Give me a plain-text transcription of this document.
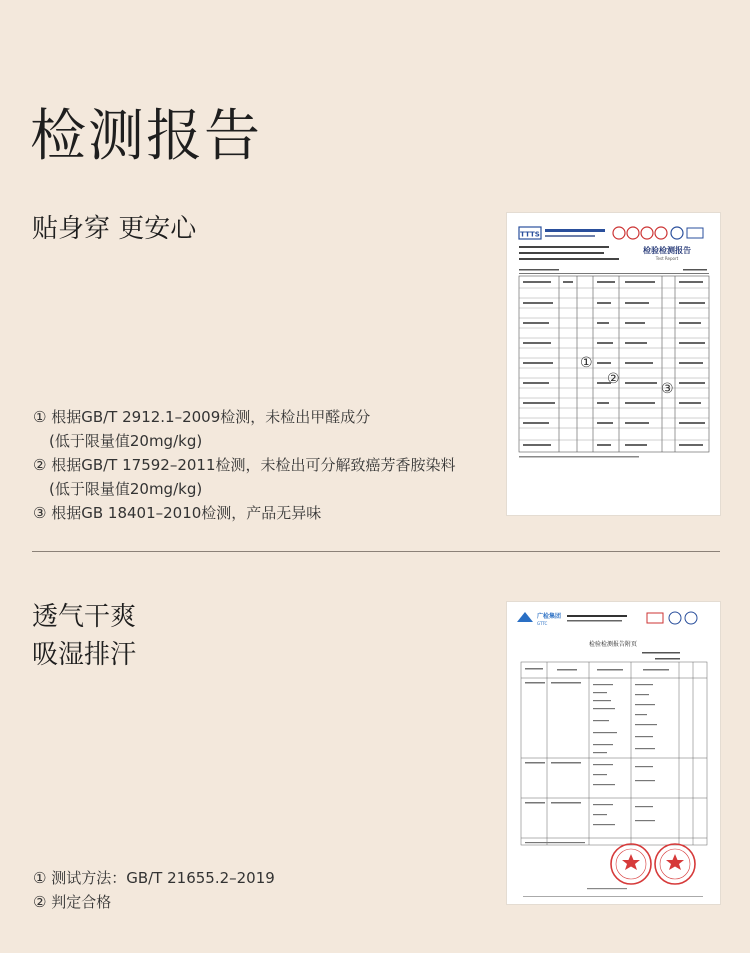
检测报告
贴身穿 更安心
① 根据GB/T 2912.1–2009检测，未检出甲醛成分
(低于限量值20mg/kg)
② 根据GB/T 17592–2011检测，未检出可分解致癌芳香胺染料
(低于限量值20mg/kg)
③ 根据GB 18401–2010检测，产品无异味
TTTS
检验检测报告
Test Report
①
②
③
透气干爽
吸湿排汗
① 测试方法：GB/T 21655.2–2019
② 判定合格
广检集团
GTTC
检验检测报告附页
